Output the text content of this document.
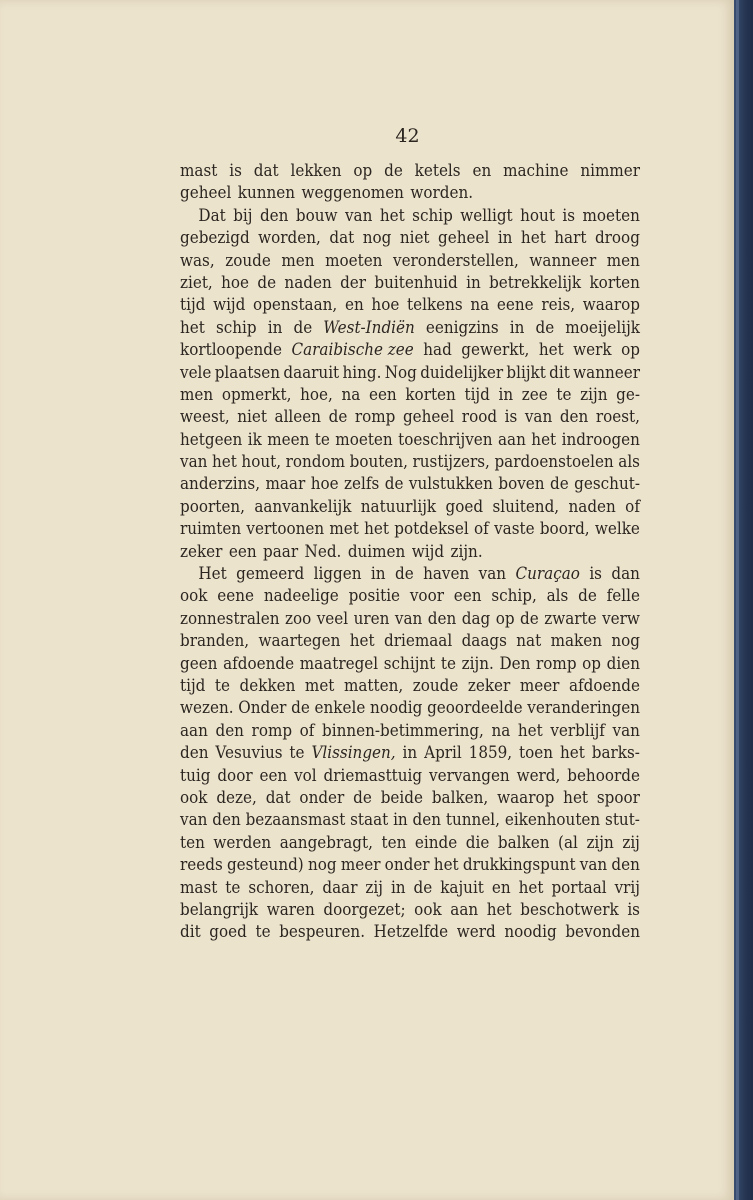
42
mast is dat lekken op de ketels en machine nimmer
geheel kunnen weggenomen worden.
Dat bij den bouw van het schip welligt hout is moeten
gebezigd worden, dat nog niet geheel in het hart droog
was, zoude men moeten veronderstellen, wanneer men
ziet, hoe de naden der buitenhuid in betrekkelijk korten
tijd wijd openstaan, en hoe telkens na eene reis, waarop
het schip in de West-Indiën eenigzins in de moeijelijk
kortloopende Caraibische zee had gewerkt, het werk op
vele plaatsen daaruit hing. Nog duidelijker blijkt dit wanneer
men opmerkt, hoe, na een korten tijd in zee te zijn ge-
weest, niet alleen de romp geheel rood is van den roest,
hetgeen ik meen te moeten toeschrijven aan het indroogen
van het hout, rondom bouten, rustijzers, pardoenstoelen als
anderzins, maar hoe zelfs de vulstukken boven de geschut-
poorten, aanvankelijk natuurlijk goed sluitend, naden of
ruimten vertoonen met het potdeksel of vaste boord, welke
zeker een paar Ned. duimen wijd zijn.
Het gemeerd liggen in de haven van Curaçao is dan
ook eene nadeelige positie voor een schip, als de felle
zonnestralen zoo veel uren van den dag op de zwarte verw
branden, waartegen het driemaal daags nat maken nog
geen afdoende maatregel schijnt te zijn. Den romp op dien
tijd te dekken met matten, zoude zeker meer afdoende
wezen. Onder de enkele noodig geoordeelde veranderingen
aan den romp of binnen-betimmering, na het verblijf van
den Vesuvius te Vlissingen, in April 1859, toen het barks-
tuig door een vol driemasttuig vervangen werd, behoorde
ook deze, dat onder de beide balken, waarop het spoor
van den bezaansmast staat in den tunnel, eikenhouten stut-
ten werden aangebragt, ten einde die balken (al zijn zij
reeds gesteund) nog meer onder het drukkingspunt van den
mast te schoren, daar zij in de kajuit en het portaal vrij
belangrijk waren doorgezet; ook aan het beschotwerk is
dit goed te bespeuren. Hetzelfde werd noodig bevonden
